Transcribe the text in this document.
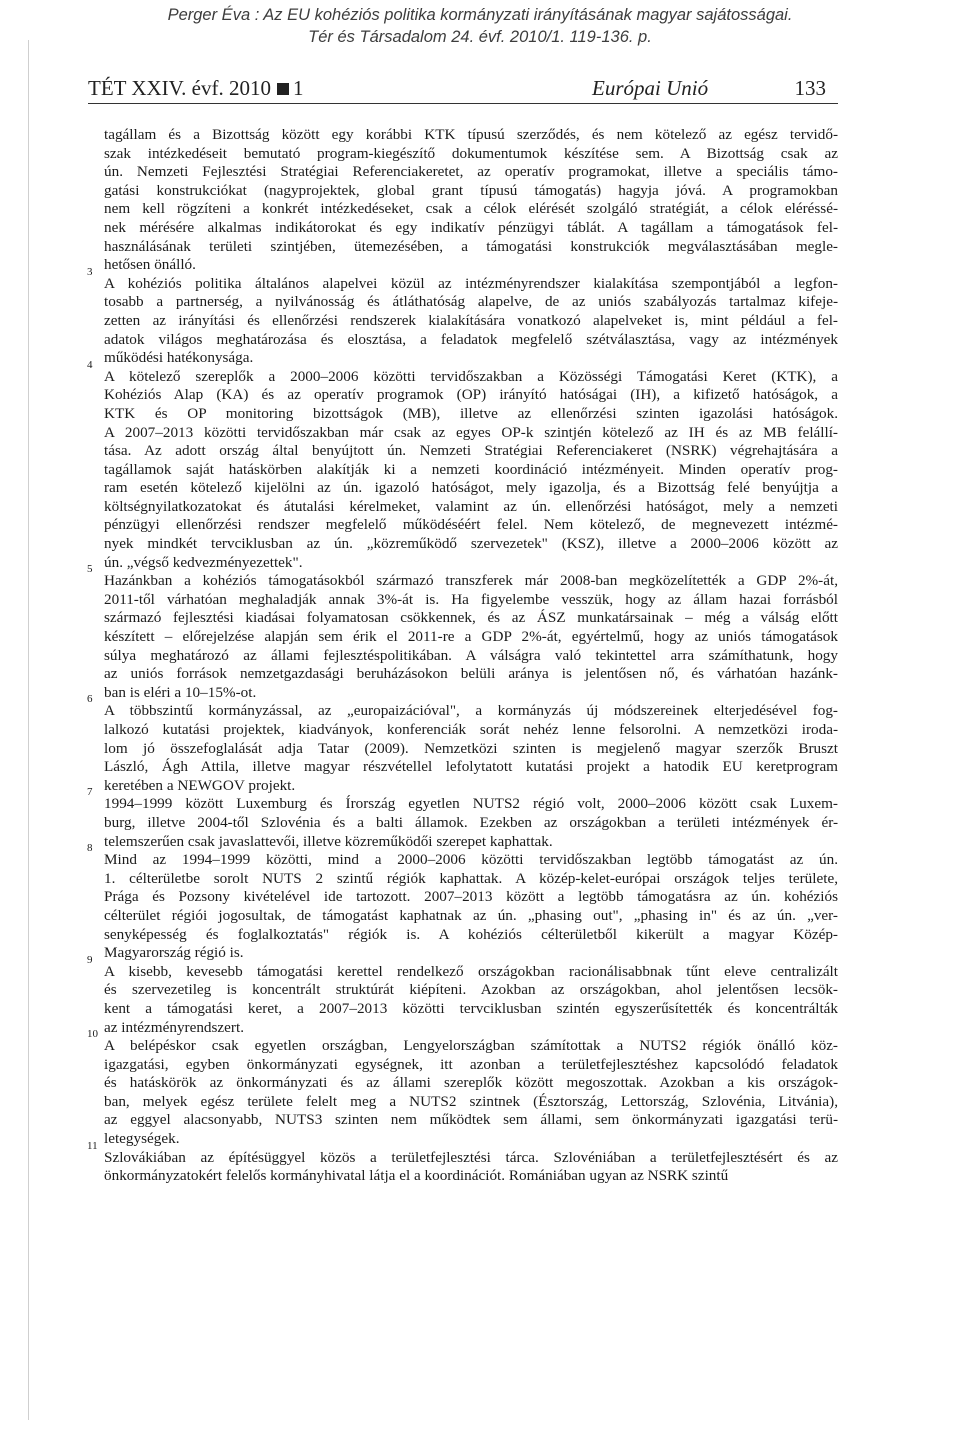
Perger Éva : Az EU kohéziós politika kormányzati irányításának magyar sajátosságai.
Tér és Társadalom 24. évf. 2010/1. 119-136. p.
TÉT XXIV. évf. 2010 1	Európai Unió	133
tagállam és a Bizottság között egy korábbi KTK típusú szerződés, és nem kötelező az egész tervidő-
szak intézkedéseit bemutató program-kiegészítő dokumentumok készítése sem. A Bizottság csak az
ún. Nemzeti Fejlesztési Stratégiai Referenciakeretet, az operatív programokat, illetve a speciális támo-
gatási konstrukciókat (nagyprojektek, global grant típusú támogatás) hagyja jóvá. A programokban
nem kell rögzíteni a konkrét intézkedéseket, csak a célok elérését szolgáló stratégiát, a célok eléréssé-
nek mérésére alkalmas indikátorokat és egy indikatív pénzügyi táblát. A tagállam a támogatások fel-
használásának területi szintjében, ütemezésében, a támogatási konstrukciók megválasztásában megle-
hetősen önálló.
3
A kohéziós politika általános alapelvei közül az intézményrendszer kialakítása szempontjából a legfon-
tosabb a partnerség, a nyilvánosság és átláthatóság alapelve, de az uniós szabályozás tartalmaz kifeje-
zetten az irányítási és ellenőrzési rendszerek kialakítására vonatkozó alapelveket is, mint például a fel-
adatok világos meghatározása és elosztása, a feladatok megfelelő szétválasztása, vagy az intézmények
működési hatékonysága.
4
A kötelező szereplők a 2000–2006 közötti tervidőszakban a Közösségi Támogatási Keret (KTK), a
Kohéziós Alap (KA) és az operatív programok (OP) irányító hatóságai (IH), a kifizető hatóságok, a
KTK és OP monitoring bizottságok (MB), illetve az ellenőrzési szinten igazolási hatóságok.
A 2007–2013 közötti tervidőszakban már csak az egyes OP-k szintjén kötelező az IH és az MB felállí-
tása. Az adott ország által benyújtott ún. Nemzeti Stratégiai Referenciakeret (NSRK) végrehajtására a
tagállamok saját hatáskörben alakítják ki a nemzeti koordináció intézményeit. Minden operatív prog-
ram esetén kötelező kijelölni az ún. igazoló hatóságot, mely igazolja, és a Bizottság felé benyújtja a
költségnyilatkozatokat és átutalási kérelmeket, valamint az ún. ellenőrzési hatóságot, mely a nemzeti
pénzügyi ellenőrzési rendszer megfelelő működéséért felel. Nem kötelező, de megnevezett intézmé-
nyek mindkét tervciklusban az ún. „közreműködő szervezetek" (KSZ), illetve a 2000–2006 között az
ún. „végső kedvezményezettek".
5
Hazánkban a kohéziós támogatásokból származó transzferek már 2008-ban megközelítették a GDP 2%-át,
2011-től várhatóan meghaladják annak 3%-át is. Ha figyelembe vesszük, hogy az állam hazai forrásból
származó fejlesztési kiadásai folyamatosan csökkennek, és az ÁSZ munkatársainak – még a válság előtt
készített – előrejelzése alapján sem érik el 2011-re a GDP 2%-át, egyértelmű, hogy az uniós támogatások
súlya meghatározó az állami fejlesztéspolitikában. A válságra való tekintettel arra számíthatunk, hogy
az uniós források nemzetgazdasági beruházásokon belüli aránya is jelentősen nő, és várhatóan hazánk-
ban is eléri a 10–15%-ot.
6
A többszintű kormányzással, az „europaizációval", a kormányzás új módszereinek elterjedésével fog-
lalkozó kutatási projektek, kiadványok, konferenciák sorát nehéz lenne felsorolni. A nemzetközi iroda-
lom jó összefoglalását adja Tatar (2009). Nemzetközi szinten is megjelenő magyar szerzők Bruszt
László, Ágh Attila, illetve magyar részvétellel lefolytatott kutatási projekt a hatodik EU keretprogram
keretében a NEWGOV projekt.
7
1994–1999 között Luxemburg és Írország egyetlen NUTS2 régió volt, 2000–2006 között csak Luxem-
burg, illetve 2004-től Szlovénia és a balti államok. Ezekben az országokban a területi intézmények ér-
telemszerűen csak javaslattevői, illetve közreműködői szerepet kaphattak.
8
Mind az 1994–1999 közötti, mind a 2000–2006 közötti tervidőszakban legtöbb támogatást az ún.
1. célterületbe sorolt NUTS 2 szintű régiók kaphattak. A közép-kelet-európai országok teljes területe,
Prága és Pozsony kivételével ide tartozott. 2007–2013 között a legtöbb támogatásra az ún. kohéziós
célterület régiói jogosultak, de támogatást kaphatnak az ún. „phasing out", „phasing in" és az ún. „ver-
senyképesség és foglalkoztatás" régiók is. A kohéziós célterületből kikerült a magyar Közép-
Magyarország régió is.
9
A kisebb, kevesebb támogatási kerettel rendelkező országokban racionálisabbnak tűnt eleve centralizált
és szervezetileg is koncentrált struktúrát kiépíteni. Azokban az országokban, ahol jelentősen lecsök-
kent a támogatási keret, a 2007–2013 közötti tervciklusban szintén egyszerűsítették és koncentrálták
az intézményrendszert.
10
A belépéskor csak egyetlen országban, Lengyelországban számítottak a NUTS2 régiók önálló köz-
igazgatási, egyben önkormányzati egységnek, itt azonban a területfejlesztéshez kapcsolódó feladatok
és hatáskörök az önkormányzati és az állami szereplők között megoszottak. Azokban a kis országok-
ban, melyek egész területe felelt meg a NUTS2 szintnek (Észtország, Lettország, Szlovénia, Litvánia),
az eggyel alacsonyabb, NUTS3 szinten nem működtek sem állami, sem önkormányzati igazgatási terü-
letegységek.
11
Szlovákiában az építésüggyel közös a területfejlesztési tárca. Szlovéniában a területfejlesztésért és az
önkormányzatokért felelős kormányhivatal látja el a koordinációt. Romániában ugyan az NSRK szintű
